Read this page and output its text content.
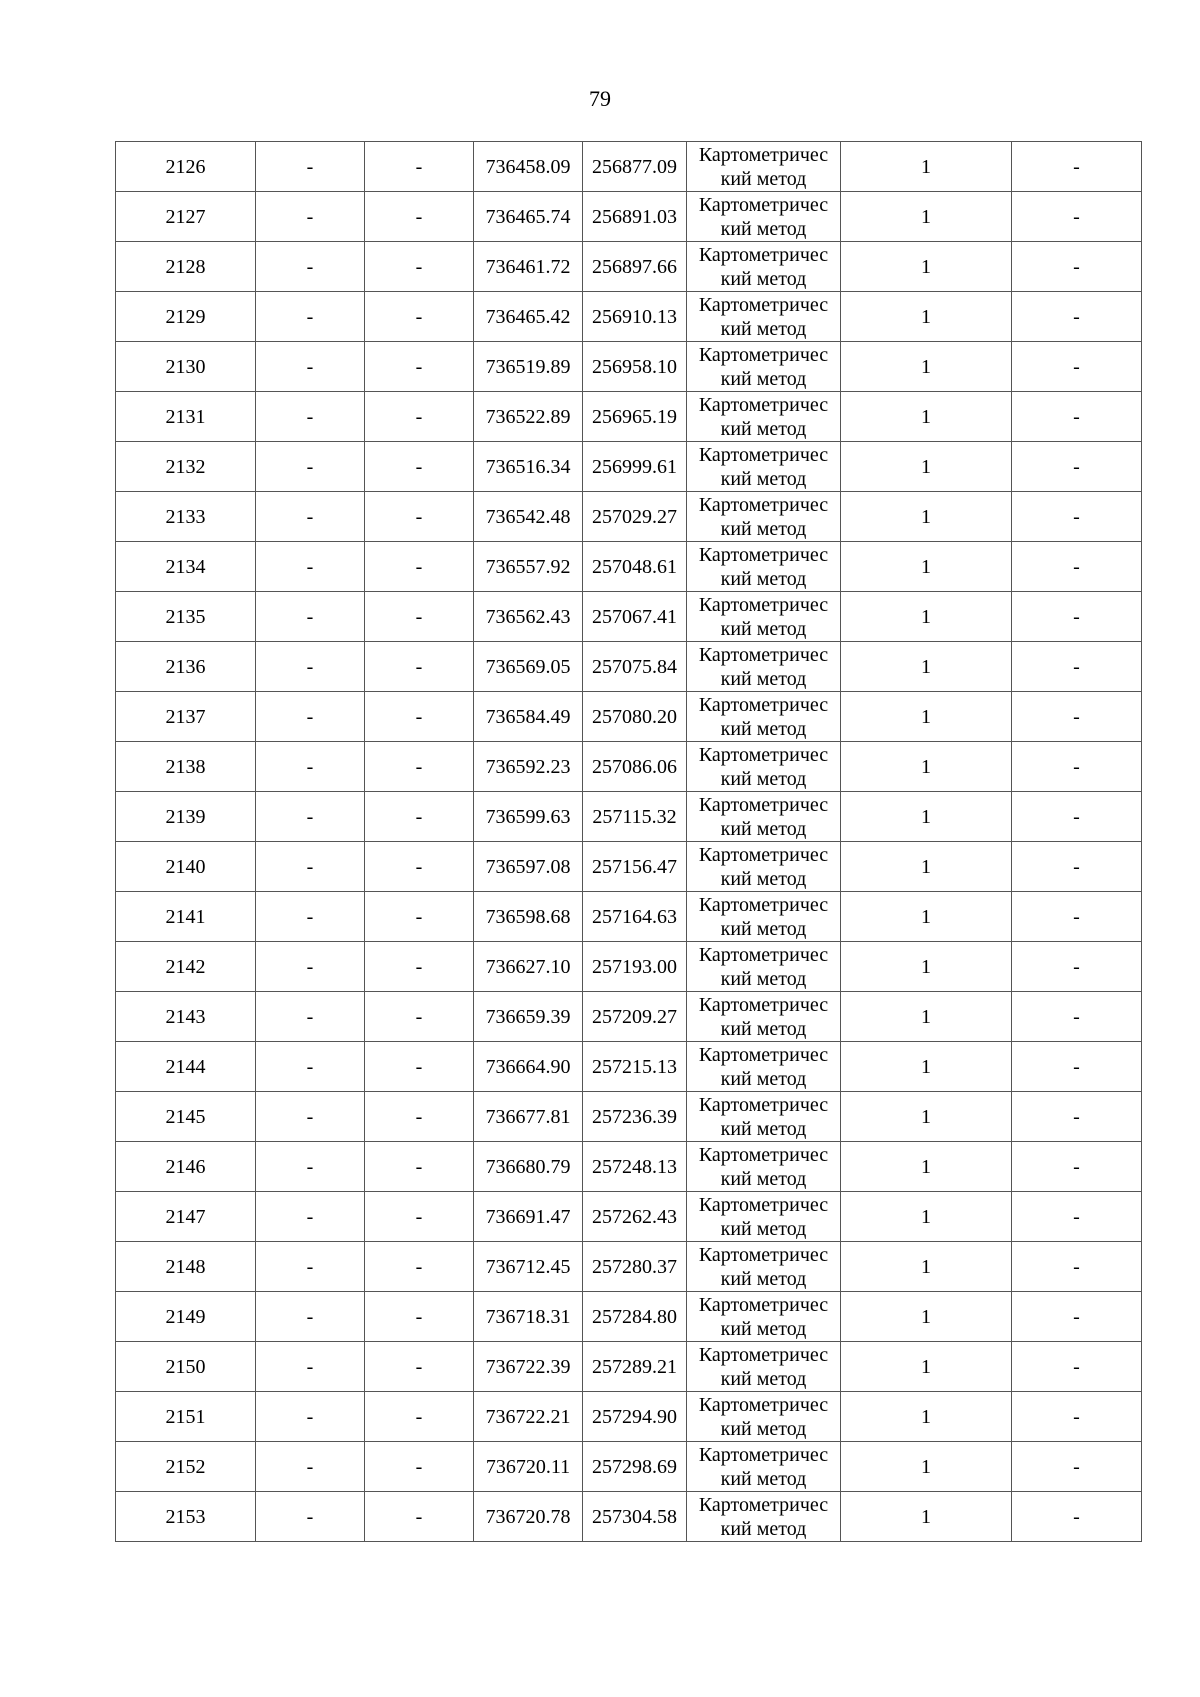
79
2126	-	-	736458.09	256877.09	Картометричес
кий метод	1	-
2127	-	-	736465.74	256891.03	Картометричес
кий метод	1	-
2128	-	-	736461.72	256897.66	Картометричес
кий метод	1	-
2129	-	-	736465.42	256910.13	Картометричес
кий метод	1	-
2130	-	-	736519.89	256958.10	Картометричес
кий метод	1	-
2131	-	-	736522.89	256965.19	Картометричес
кий метод	1	-
2132	-	-	736516.34	256999.61	Картометричес
кий метод	1	-
2133	-	-	736542.48	257029.27	Картометричес
кий метод	1	-
2134	-	-	736557.92	257048.61	Картометричес
кий метод	1	-
2135	-	-	736562.43	257067.41	Картометричес
кий метод	1	-
2136	-	-	736569.05	257075.84	Картометричес
кий метод	1	-
2137	-	-	736584.49	257080.20	Картометричес
кий метод	1	-
2138	-	-	736592.23	257086.06	Картометричес
кий метод	1	-
2139	-	-	736599.63	257115.32	Картометричес
кий метод	1	-
2140	-	-	736597.08	257156.47	Картометричес
кий метод	1	-
2141	-	-	736598.68	257164.63	Картометричес
кий метод	1	-
2142	-	-	736627.10	257193.00	Картометричес
кий метод	1	-
2143	-	-	736659.39	257209.27	Картометричес
кий метод	1	-
2144	-	-	736664.90	257215.13	Картометричес
кий метод	1	-
2145	-	-	736677.81	257236.39	Картометричес
кий метод	1	-
2146	-	-	736680.79	257248.13	Картометричес
кий метод	1	-
2147	-	-	736691.47	257262.43	Картометричес
кий метод	1	-
2148	-	-	736712.45	257280.37	Картометричес
кий метод	1	-
2149	-	-	736718.31	257284.80	Картометричес
кий метод	1	-
2150	-	-	736722.39	257289.21	Картометричес
кий метод	1	-
2151	-	-	736722.21	257294.90	Картометричес
кий метод	1	-
2152	-	-	736720.11	257298.69	Картометричес
кий метод	1	-
2153	-	-	736720.78	257304.58	Картометричес
кий метод	1	-
